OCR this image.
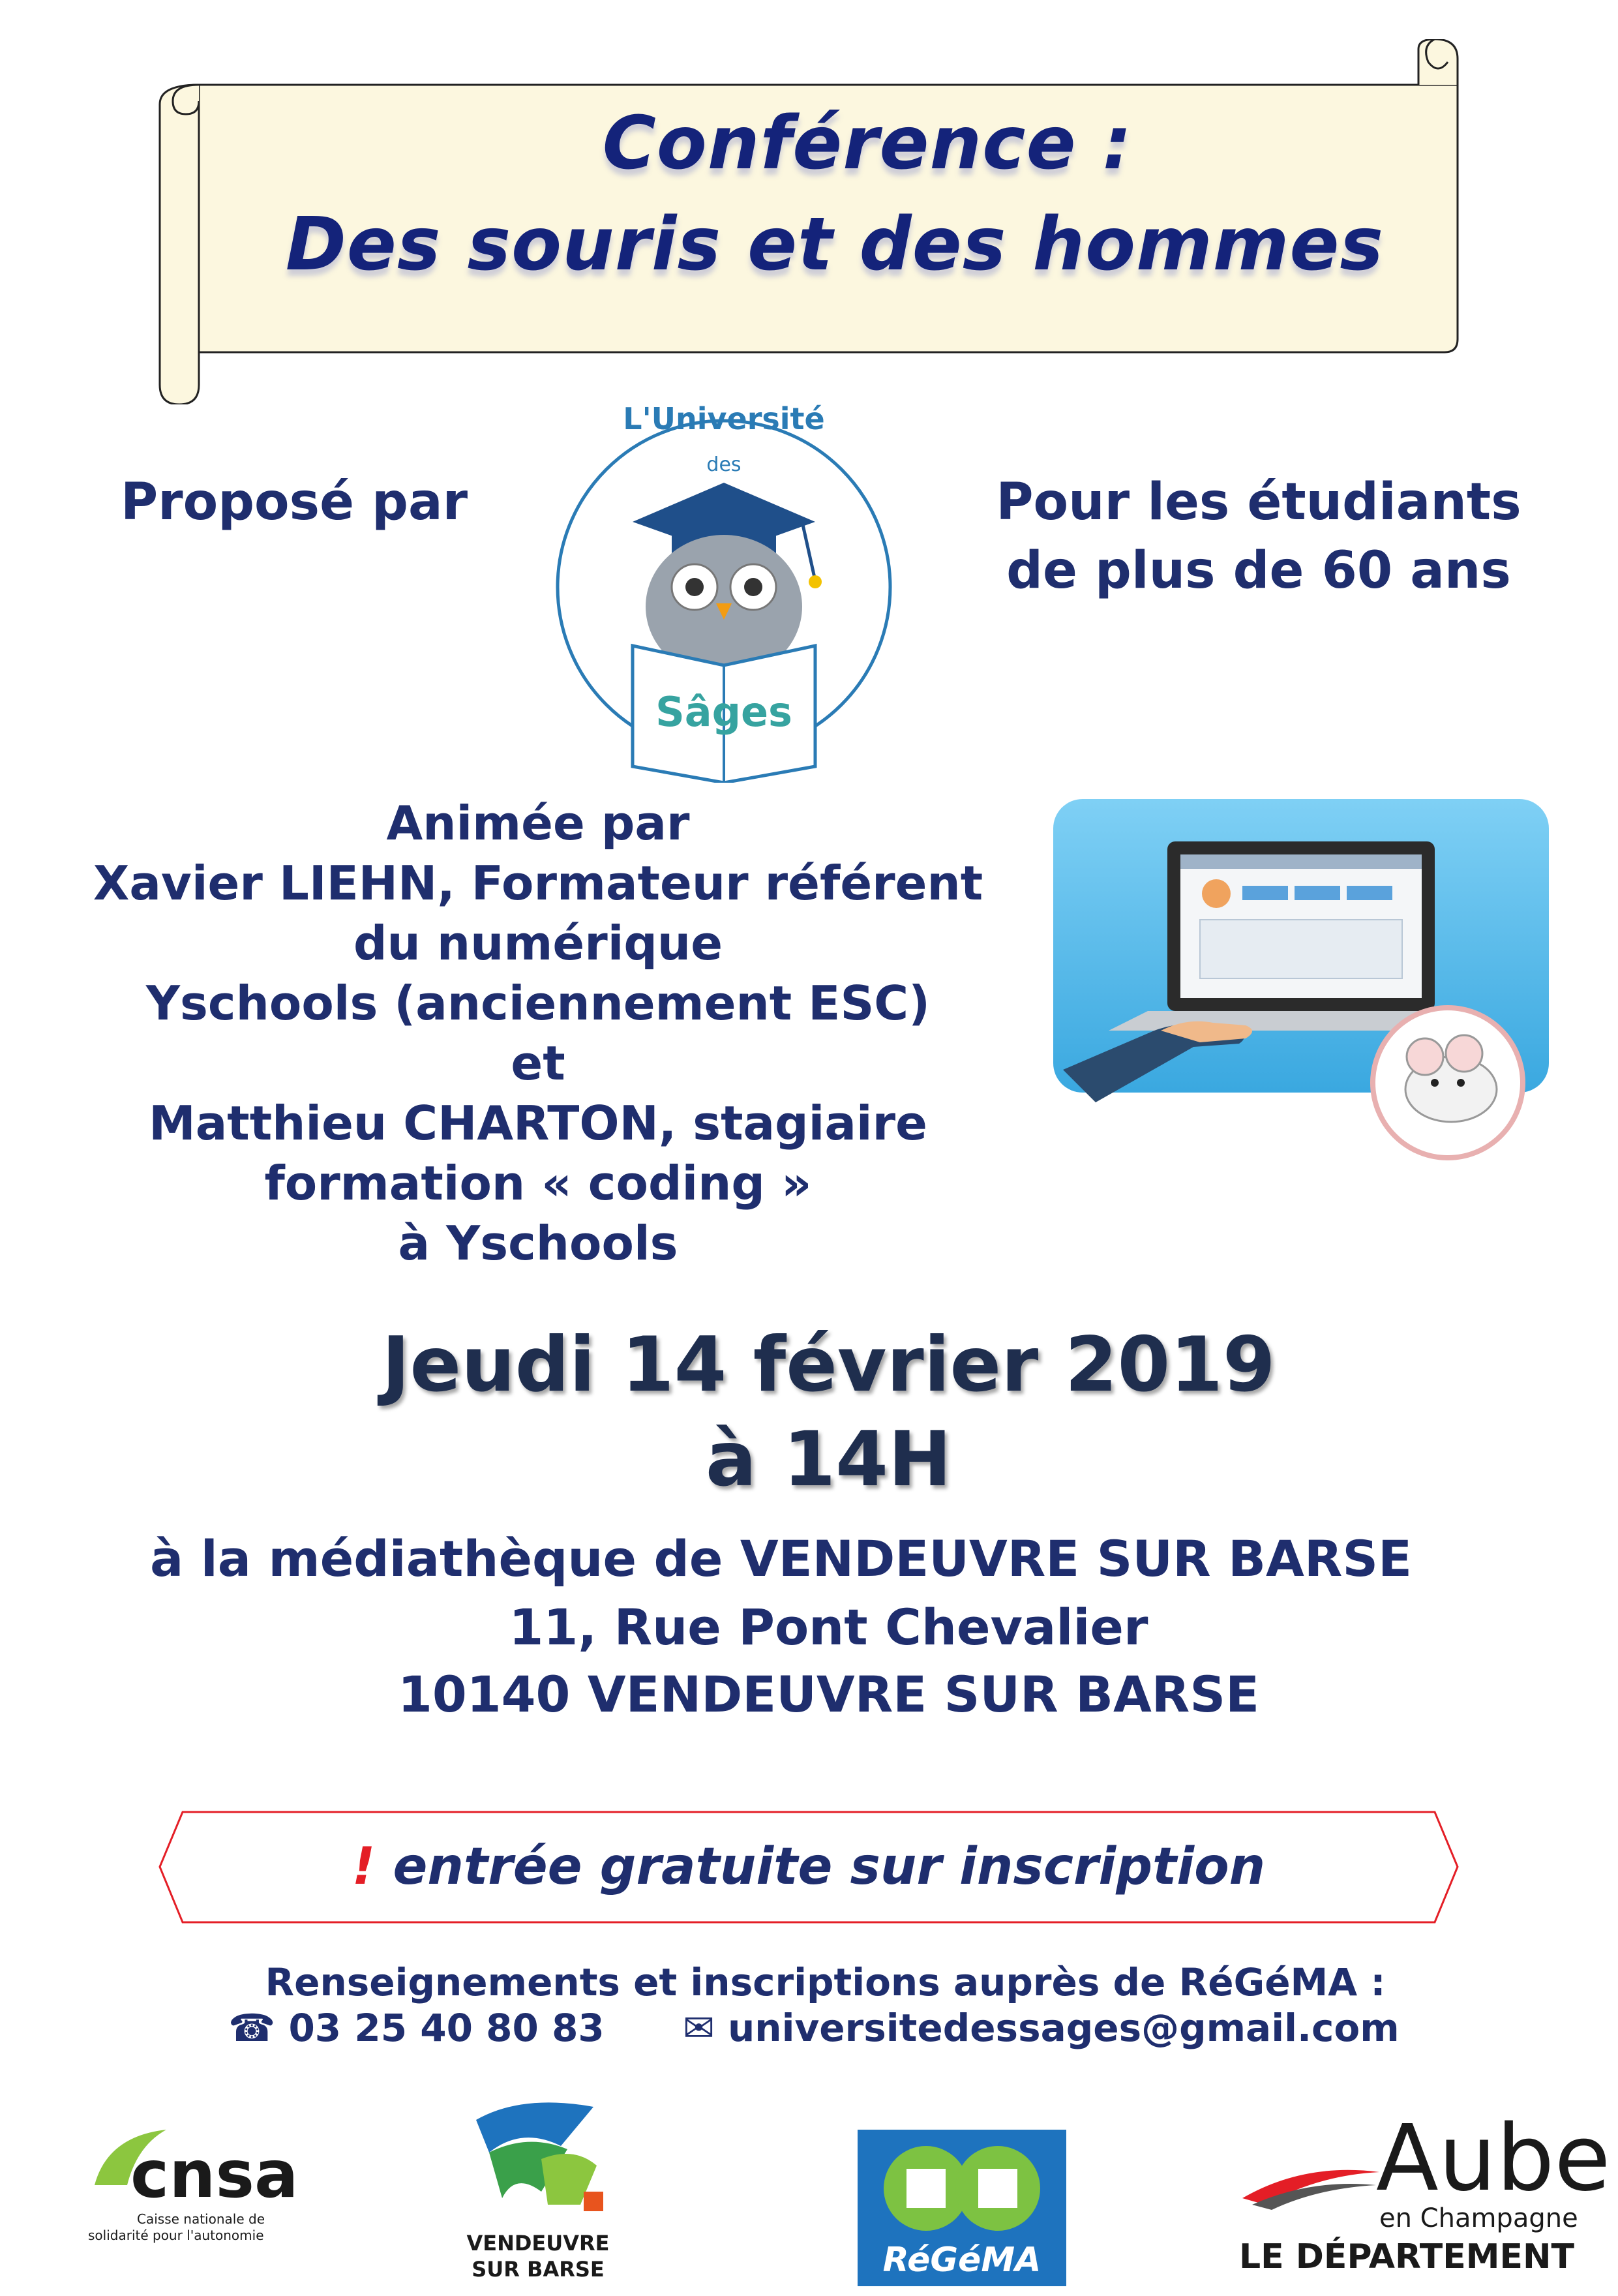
Conférence :
Des souris et des hommes
Proposé par	Pour les étudiants
de plus de 60 ans
L'Université
des
Sâges
Animée par
Xavier LIEHN, Formateur référent
du numérique
Yschools (anciennement ESC)
et
Matthieu CHARTON, stagiaire
formation « coding »
à Yschools
Jeudi 14 février 2019
à 14H
à la médiathèque de VENDEUVRE SUR BARSE
11, Rue Pont Chevalier
10140 VENDEUVRE SUR BARSE
! entrée gratuite sur inscription
Renseignements et inscriptions auprès de RéGéMA :
☎ 03 25 40 80 83 ✉ universitedessages@gmail.com
cnsa
Caisse nationale de
solidarité pour l'autonomie	VENDEUVRE
SUR BARSE	RéGéMA
Aube
en Champagne
LE DÉPARTEMENT
